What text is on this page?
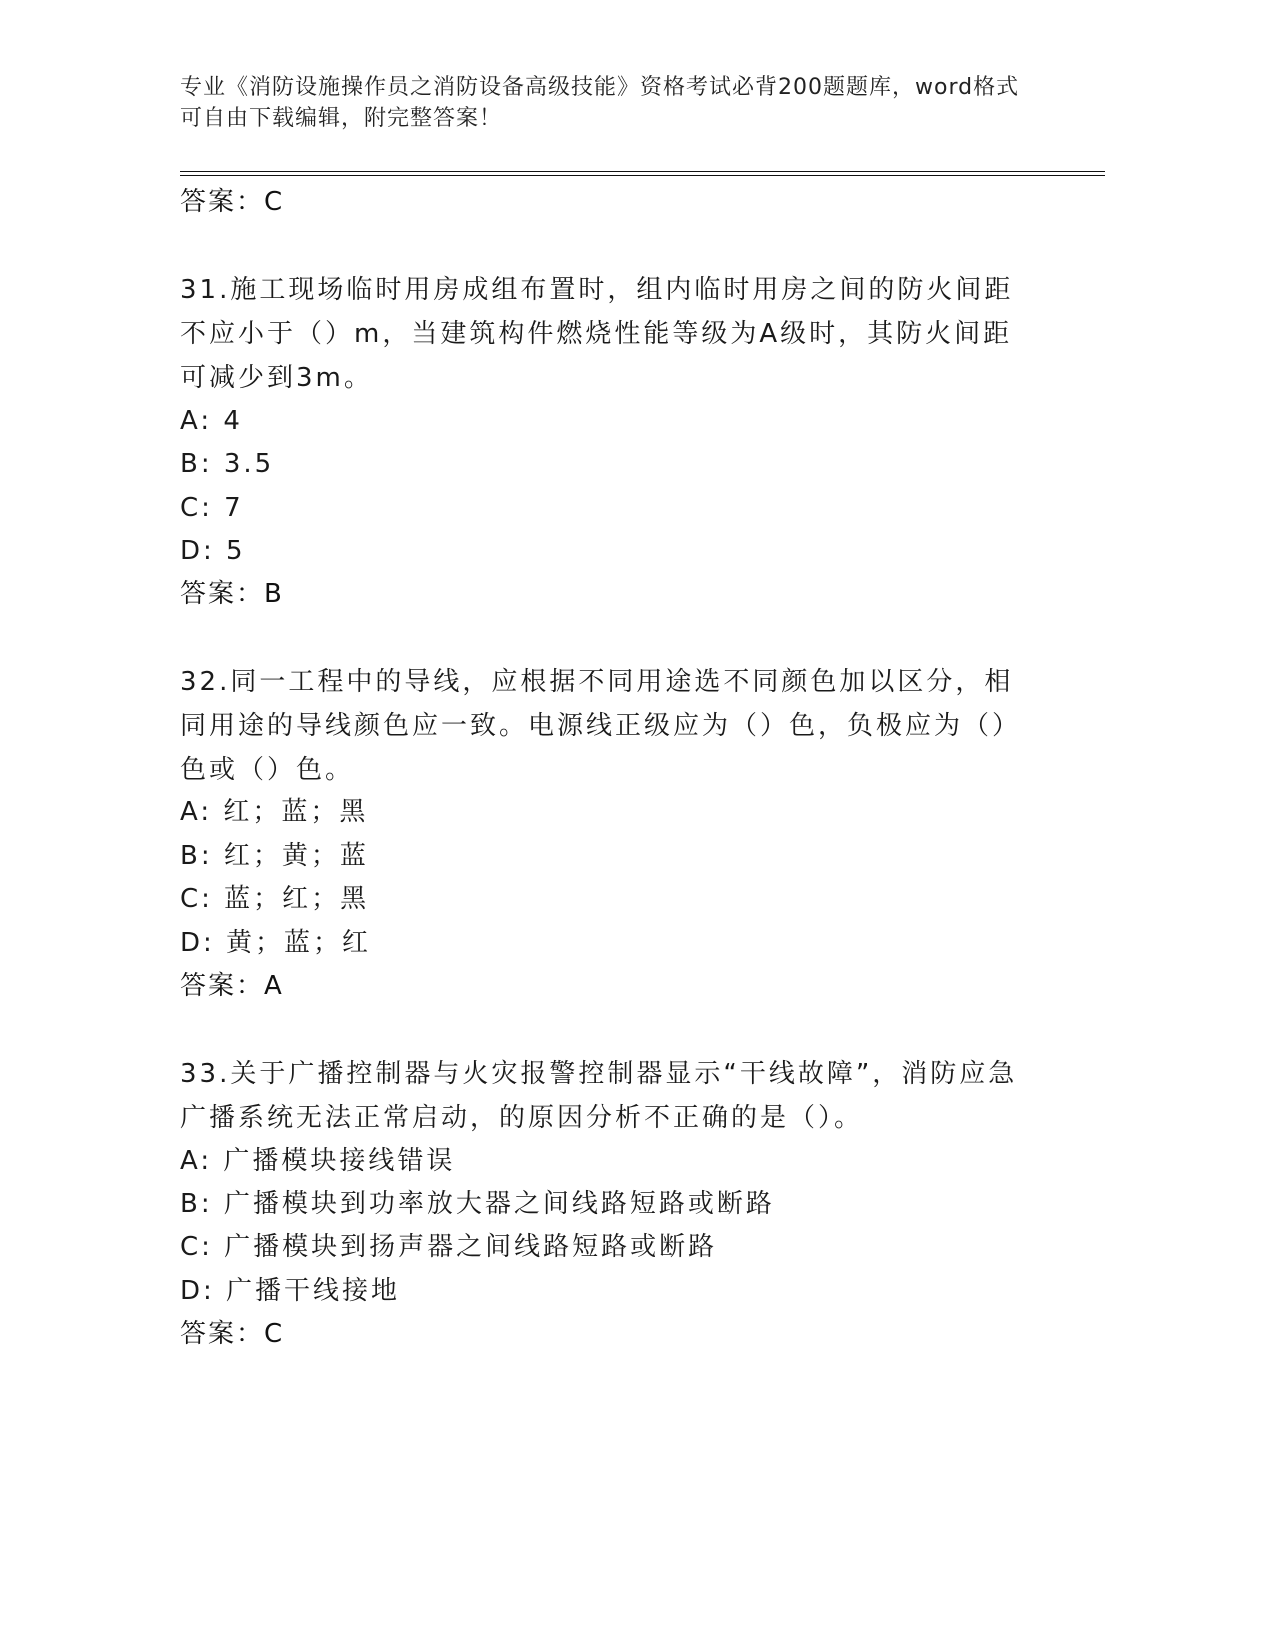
专业《消防设施操作员之消防设备高级技能》资格考试必背200题题库，word格式可自由下载编辑，附完整答案！
答案：C
31.施工现场临时用房成组布置时，组内临时用房之间的防火间距不应小于（）m，当建筑构件燃烧性能等级为A级时，其防火间距可减少到3m。
A: 4
B: 3.5
C: 7
D: 5
答案：B
32.同一工程中的导线，应根据不同用途选不同颜色加以区分，相同用途的导线颜色应一致。电源线正级应为（）色，负极应为（）色或（）色。
A: 红；蓝；黑
B: 红；黄；蓝
C: 蓝；红；黑
D: 黄；蓝；红
答案：A
33.关于广播控制器与火灾报警控制器显示“干线故障”，消防应急广播系统无法正常启动，的原因分析不正确的是（）。
A: 广播模块接线错误
B: 广播模块到功率放大器之间线路短路或断路
C: 广播模块到扬声器之间线路短路或断路
D: 广播干线接地
答案：C
